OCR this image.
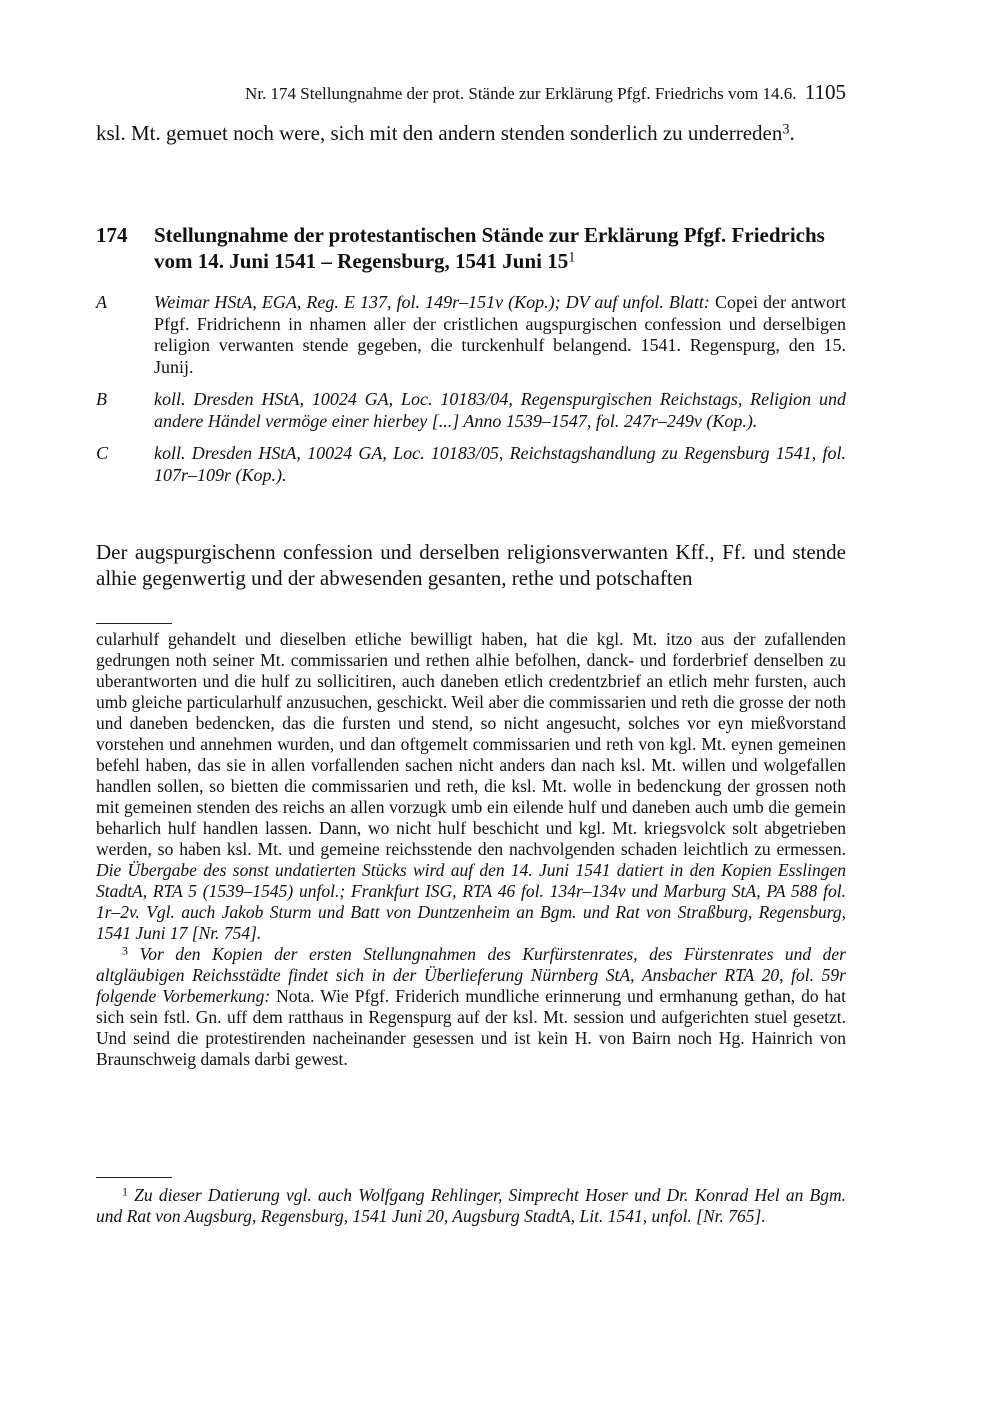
Nr. 174 Stellungnahme der prot. Stände zur Erklärung Pfgf. Friedrichs vom 14.6. 1105
ksl. Mt. gemuet noch were, sich mit den andern stenden sonderlich zu underreden$^3$.
174 Stellungnahme der protestantischen Stände zur Erklärung Pfgf. Friedrichs vom 14. Juni 1541 – Regensburg, 1541 Juni $15^1$
A	Weimar HStA, EGA, Reg. E 137, fol. 149r–151v (Kop.); DV auf unfol. Blatt: Copei der antwort Pfgf. Fridrichenn in nhamen aller der cristlichen augspurgischen confession und derselbigen religion verwanten stende gegeben, die turckenhulf belangend. 1541. Regenspurg, den 15. Junij.
B	koll. Dresden HStA, 10024 GA, Loc. 10183/04, Regenspurgischen Reichstags, Religion und andere Händel vermöge einer hierbey [...] Anno 1539–1547, fol. 247r–249v (Kop.).
C	koll. Dresden HStA, 10024 GA, Loc. 10183/05, Reichstagshandlung zu Regensburg 1541, fol. 107r–109r (Kop.).
Der augspurgischenn confession und derselben religionsverwanten Kff., Ff. und stende alhie gegenwertig und der abwesenden gesanten, rethe und potschaften

cularhulf gehandelt und dieselben etliche bewilligt haben, hat die kgl. Mt. itzo aus der zufallenden gedrungen noth seiner Mt. commissarien und rethen alhie befolhen, danck- und forderbrief denselben zu uberantworten und die hulf zu sollicitiren, auch daneben etlich credentzbrief an etlich mehr fursten, auch umb gleiche particularhulf anzusuchen, geschickt. Weil aber die commissarien und reth die grosse der noth und daneben bedencken, das die fursten und stend, so nicht angesucht, solches vor eyn mießvorstand vorstehen und annehmen wurden, und dan oftgemelt commissarien und reth von kgl. Mt. eynen gemeinen befehl haben, das sie in allen vorfallenden sachen nicht anders dan nach ksl. Mt. willen und wolgefallen handlen sollen, so bietten die commissarien und reth, die ksl. Mt. wolle in bedenckung der grossen noth mit gemeinen stenden des reichs an allen vorzugk umb ein eilende hulf und daneben auch umb die gemein beharlich hulf handlen lassen. Dann, wo nicht hulf beschicht und kgl. Mt. kriegsvolck solt abgetrieben werden, so haben ksl. Mt. und gemeine reichsstende den nachvolgenden schaden leichtlich zu ermessen. Die Übergabe des sonst undatierten Stücks wird auf den 14. Juni 1541 datiert in den Kopien Esslingen StadtA, RTA 5 (1539–1545) unfol.; Frankfurt ISG, RTA 46 fol. 134r–134v und Marburg StA, PA 588 fol. 1r–2v. Vgl. auch Jakob Sturm und Batt von Duntzenheim an Bgm. und Rat von Straßburg, Regensburg, 1541 Juni 17 [Nr. 754].

$^3$ Vor den Kopien der ersten Stellungnahmen des Kurfürstenrates, des Fürstenrates und der altgläubigen Reichsstädte findet sich in der Überlieferung Nürnberg StA, Ansbacher RTA 20, fol. 59r folgende Vorbemerkung: Nota. Wie Pfgf. Friderich mundliche erinnerung und ermhanung gethan, do hat sich sein fstl. Gn. uff dem ratthaus in Regenspurg auf der ksl. Mt. session und aufgerichten stuel gesetzt. Und seind die protestirenden nacheinander gesessen und ist kein H. von Bairn noch Hg. Hainrich von Braunschweig damals darbi gewest.

$^1$ Zu dieser Datierung vgl. auch Wolfgang Rehlinger, Simprecht Hoser und Dr. Konrad Hel an Bgm. und Rat von Augsburg, Regensburg, 1541 Juni 20, Augsburg StadtA, Lit. 1541, unfol. [Nr. 765].
